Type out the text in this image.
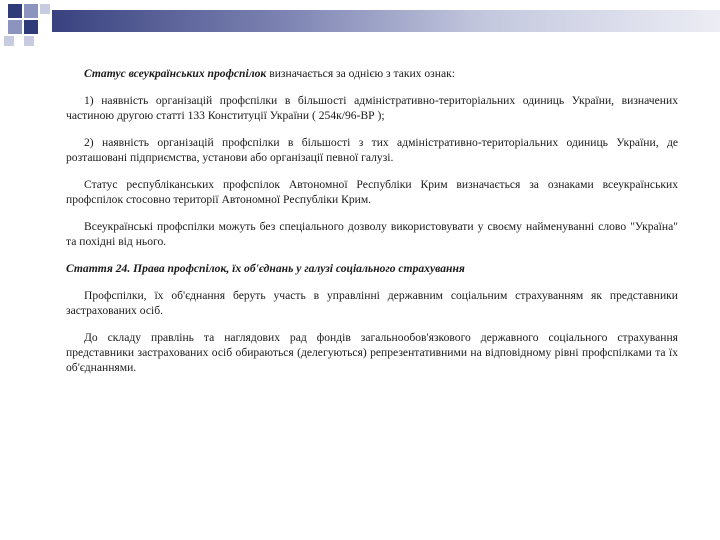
Статус всеукраїнських профспілок визначається за однією з таких ознак:

1) наявність організацій профспілки в більшості адміністративно-територіальних одиниць України, визначених частиною другою статті 133 Конституції України ( 254к/96-ВР );

2) наявність організацій профспілки в більшості з тих адміністративно-територіальних одиниць України, де розташовані підприємства, установи або організації певної галузі.

Статус республіканських профспілок Автономної Республіки Крим визначається за ознаками всеукраїнських профспілок стосовно території Автономної Республіки Крим.

Всеукраїнські профспілки можуть без спеціального дозволу використовувати у своєму найменуванні слово "Україна" та похідні від нього.

Стаття 24. Права профспілок, їх об'єднань у галузі соціального страхування

Профспілки, їх об'єднання беруть участь в управлінні державним соціальним страхуванням як представники застрахованих осіб.

До складу правлінь та наглядових рад фондів загальнообов'язкового державного соціального страхування представники застрахованих осіб обираються (делегуються) репрезентативними на відповідному рівні профспілками та їх об'єднаннями.
